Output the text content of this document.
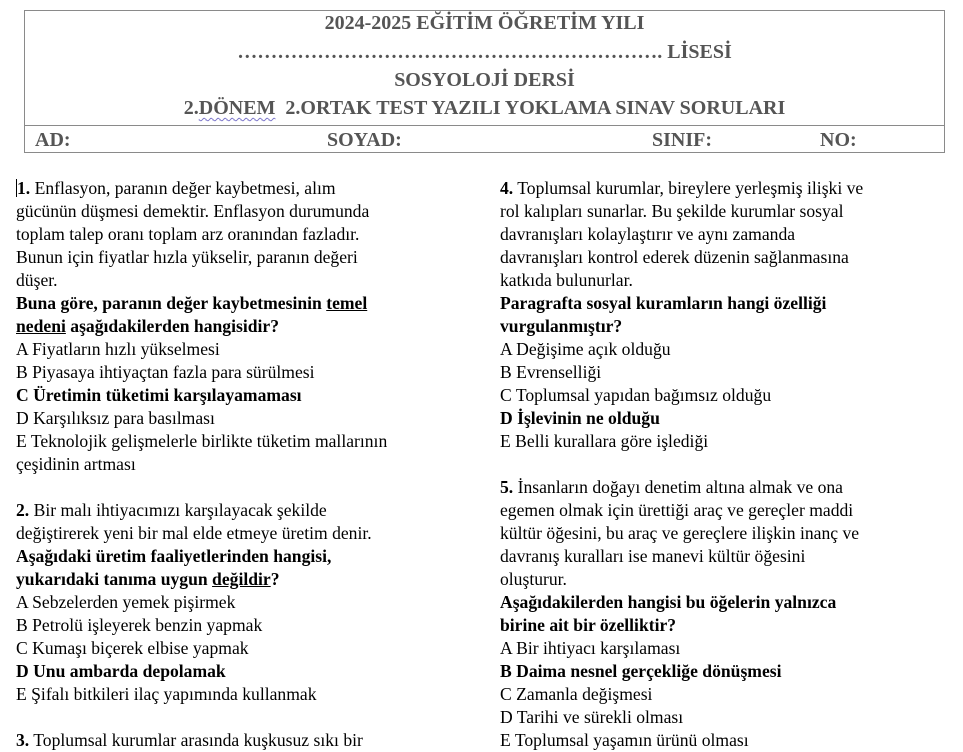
2024-2025 EĞİTİM ÖĞRETİM YILI
………………………………………………………. LİSESİ
SOSYOLOJİ DERSİ
2.DÖNEM  2.ORTAK TEST YAZILI YOKLAMA SINAV SORULARI
AD:	SOYAD:	SINIF:	NO:

1. Enflasyon, paranın değer kaybetmesi, alım

gücünün düşmesi demektir. Enflasyon durumunda

toplam talep oranı toplam arz oranından fazladır.

Bunun için fiyatlar hızla yükselir, paranın değeri

düşer.

Buna göre, paranın değer kaybetmesinin temel

nedeni aşağıdakilerden hangisidir?

A Fiyatların hızlı yükselmesi

B Piyasaya ihtiyaçtan fazla para sürülmesi

C Üretimin tüketimi karşılayamaması

D Karşılıksız para basılması

E Teknolojik gelişmelerle birlikte tüketim mallarının

çeşidinin artması

2. Bir malı ihtiyacımızı karşılayacak şekilde

değiştirerek yeni bir mal elde etmeye üretim denir.

Aşağıdaki üretim faaliyetlerinden hangisi,

yukarıdaki tanıma uygun değildir?

A Sebzelerden yemek pişirmek

B Petrolü işleyerek benzin yapmak

C Kumaşı biçerek elbise yapmak

D Unu ambarda depolamak

E Şifalı bitkileri ilaç yapımında kullanmak

3. Toplumsal kurumlar arasında kuşkusuz sıkı bir

4. Toplumsal kurumlar, bireylere yerleşmiş ilişki ve

rol kalıpları sunarlar. Bu şekilde kurumlar sosyal

davranışları kolaylaştırır ve aynı zamanda

davranışları kontrol ederek düzenin sağlanmasına

katkıda bulunurlar.

Paragrafta sosyal kuramların hangi özelliği

vurgulanmıştır?

A Değişime açık olduğu

B Evrenselliği

C Toplumsal yapıdan bağımsız olduğu

D İşlevinin ne olduğu

E Belli kurallara göre işlediği

5. İnsanların doğayı denetim altına almak ve ona

egemen olmak için ürettiği araç ve gereçler maddi

kültür öğesini, bu araç ve gereçlere ilişkin inanç ve

davranış kuralları ise manevi kültür öğesini

oluşturur.

Aşağıdakilerden hangisi bu öğelerin yalnızca

birine ait bir özelliktir?

A Bir ihtiyacı karşılaması

B Daima nesnel gerçekliğe dönüşmesi

C Zamanla değişmesi

D Tarihi ve sürekli olması

E Toplumsal yaşamın ürünü olması
